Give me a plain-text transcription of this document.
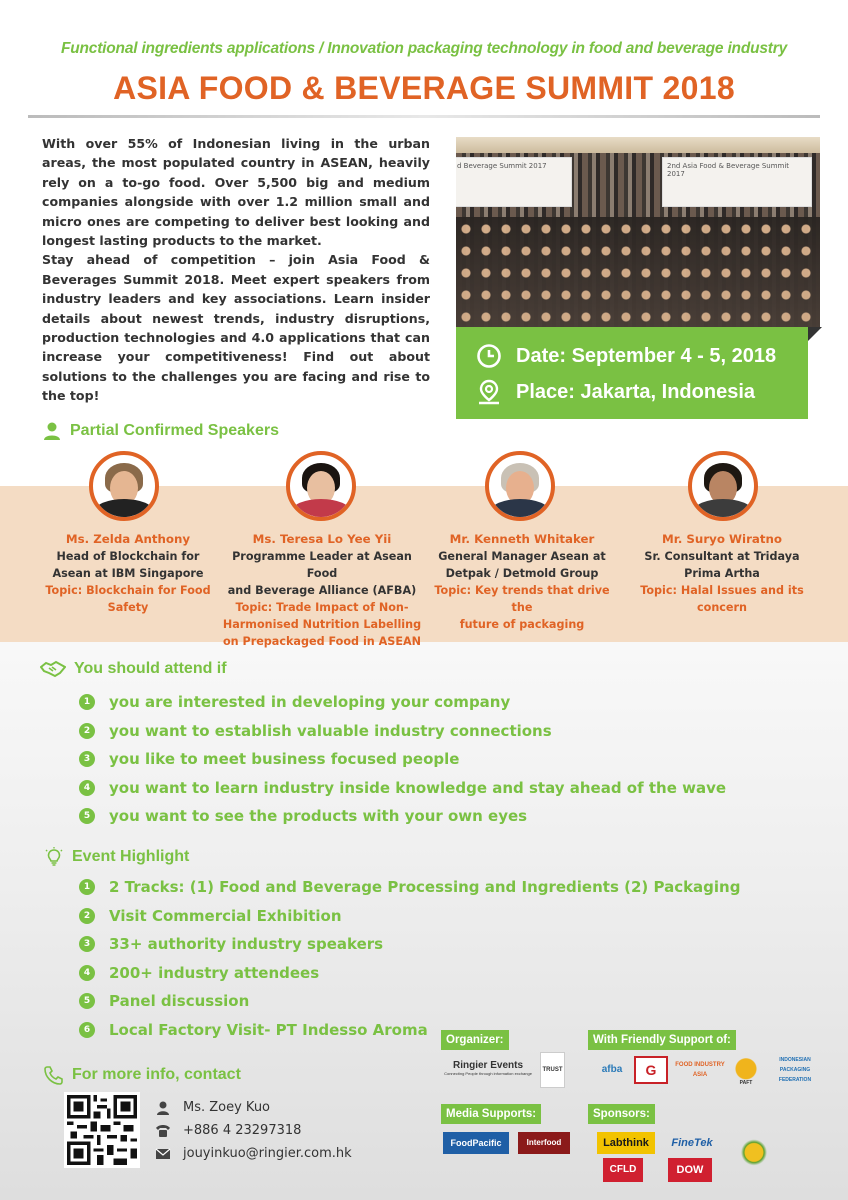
Functional ingredients applications / Innovation packaging technology in food and beverage industry
ASIA FOOD & BEVERAGE SUMMIT 2018

With over 55% of Indonesian living in the urban areas, the most populated country in ASEAN, heavily rely on a to-go food. Over 5,500 big and medium companies alongside with over 1.2 million small and micro ones are competing to deliver best looking and longest lasting products to the market.

Stay ahead of competition – join Asia Food & Beverages Summit 2018. Meet expert speakers from industry leaders and key associations. Learn insider details about newest trends, industry disruptions, production technologies and 4.0 applications that can increase your competitiveness! Find out about solutions to the challenges you are facing and rise to the top!

d Beverage Summit 2017	2nd Asia Food & Beverage Summit 2017
Date: September 4 - 5, 2018
Place: Jakarta, Indonesia
Partial Confirmed Speakers
Ms. Zelda Anthony
Head of Blockchain for
Asean at IBM Singapore
Topic: Blockchain for Food
Safety
Ms. Teresa Lo Yee Yii
Programme Leader at Asean Food
and Beverage Alliance (AFBA)
Topic: Trade Impact of Non-
Harmonised Nutrition Labelling
on Prepackaged Food in ASEAN
Mr. Kenneth Whitaker
General Manager Asean at
Detpak / Detmold Group
Topic: Key trends that drive the
future of packaging
Mr. Suryo Wiratno
Sr. Consultant at Tridaya
Prima Artha
Topic: Halal Issues and its
concern
You should attend if
1	you are interested in developing your company
2	you want to establish valuable industry connections
3	you like to meet business focused people
4	you want to learn industry inside knowledge and stay ahead of the wave
5	you want to see the products with your own eyes
Event Highlight
1	2 Tracks: (1) Food and Beverage Processing and Ingredients (2) Packaging
2	Visit Commercial Exhibition
3	33+ authority industry speakers
4	200+ industry attendees
5	Panel discussion
6	Local Factory Visit- PT Indesso Aroma
For more info, contact
Ms. Zoey Kuo
+886 4 23297318
jouyinkuo@ringier.com.hk
Organizer:
Ringier Events
Connecting People through information exchange	TRUST
With Friendly Support of:
afba	G	FOOD INDUSTRY ASIA
PAFT
INDONESIAN PACKAGING FEDERATION
Media Supports:
FoodPacific	Interfood
Sponsors:
Labthink	FineTek
CFLD	DOW
